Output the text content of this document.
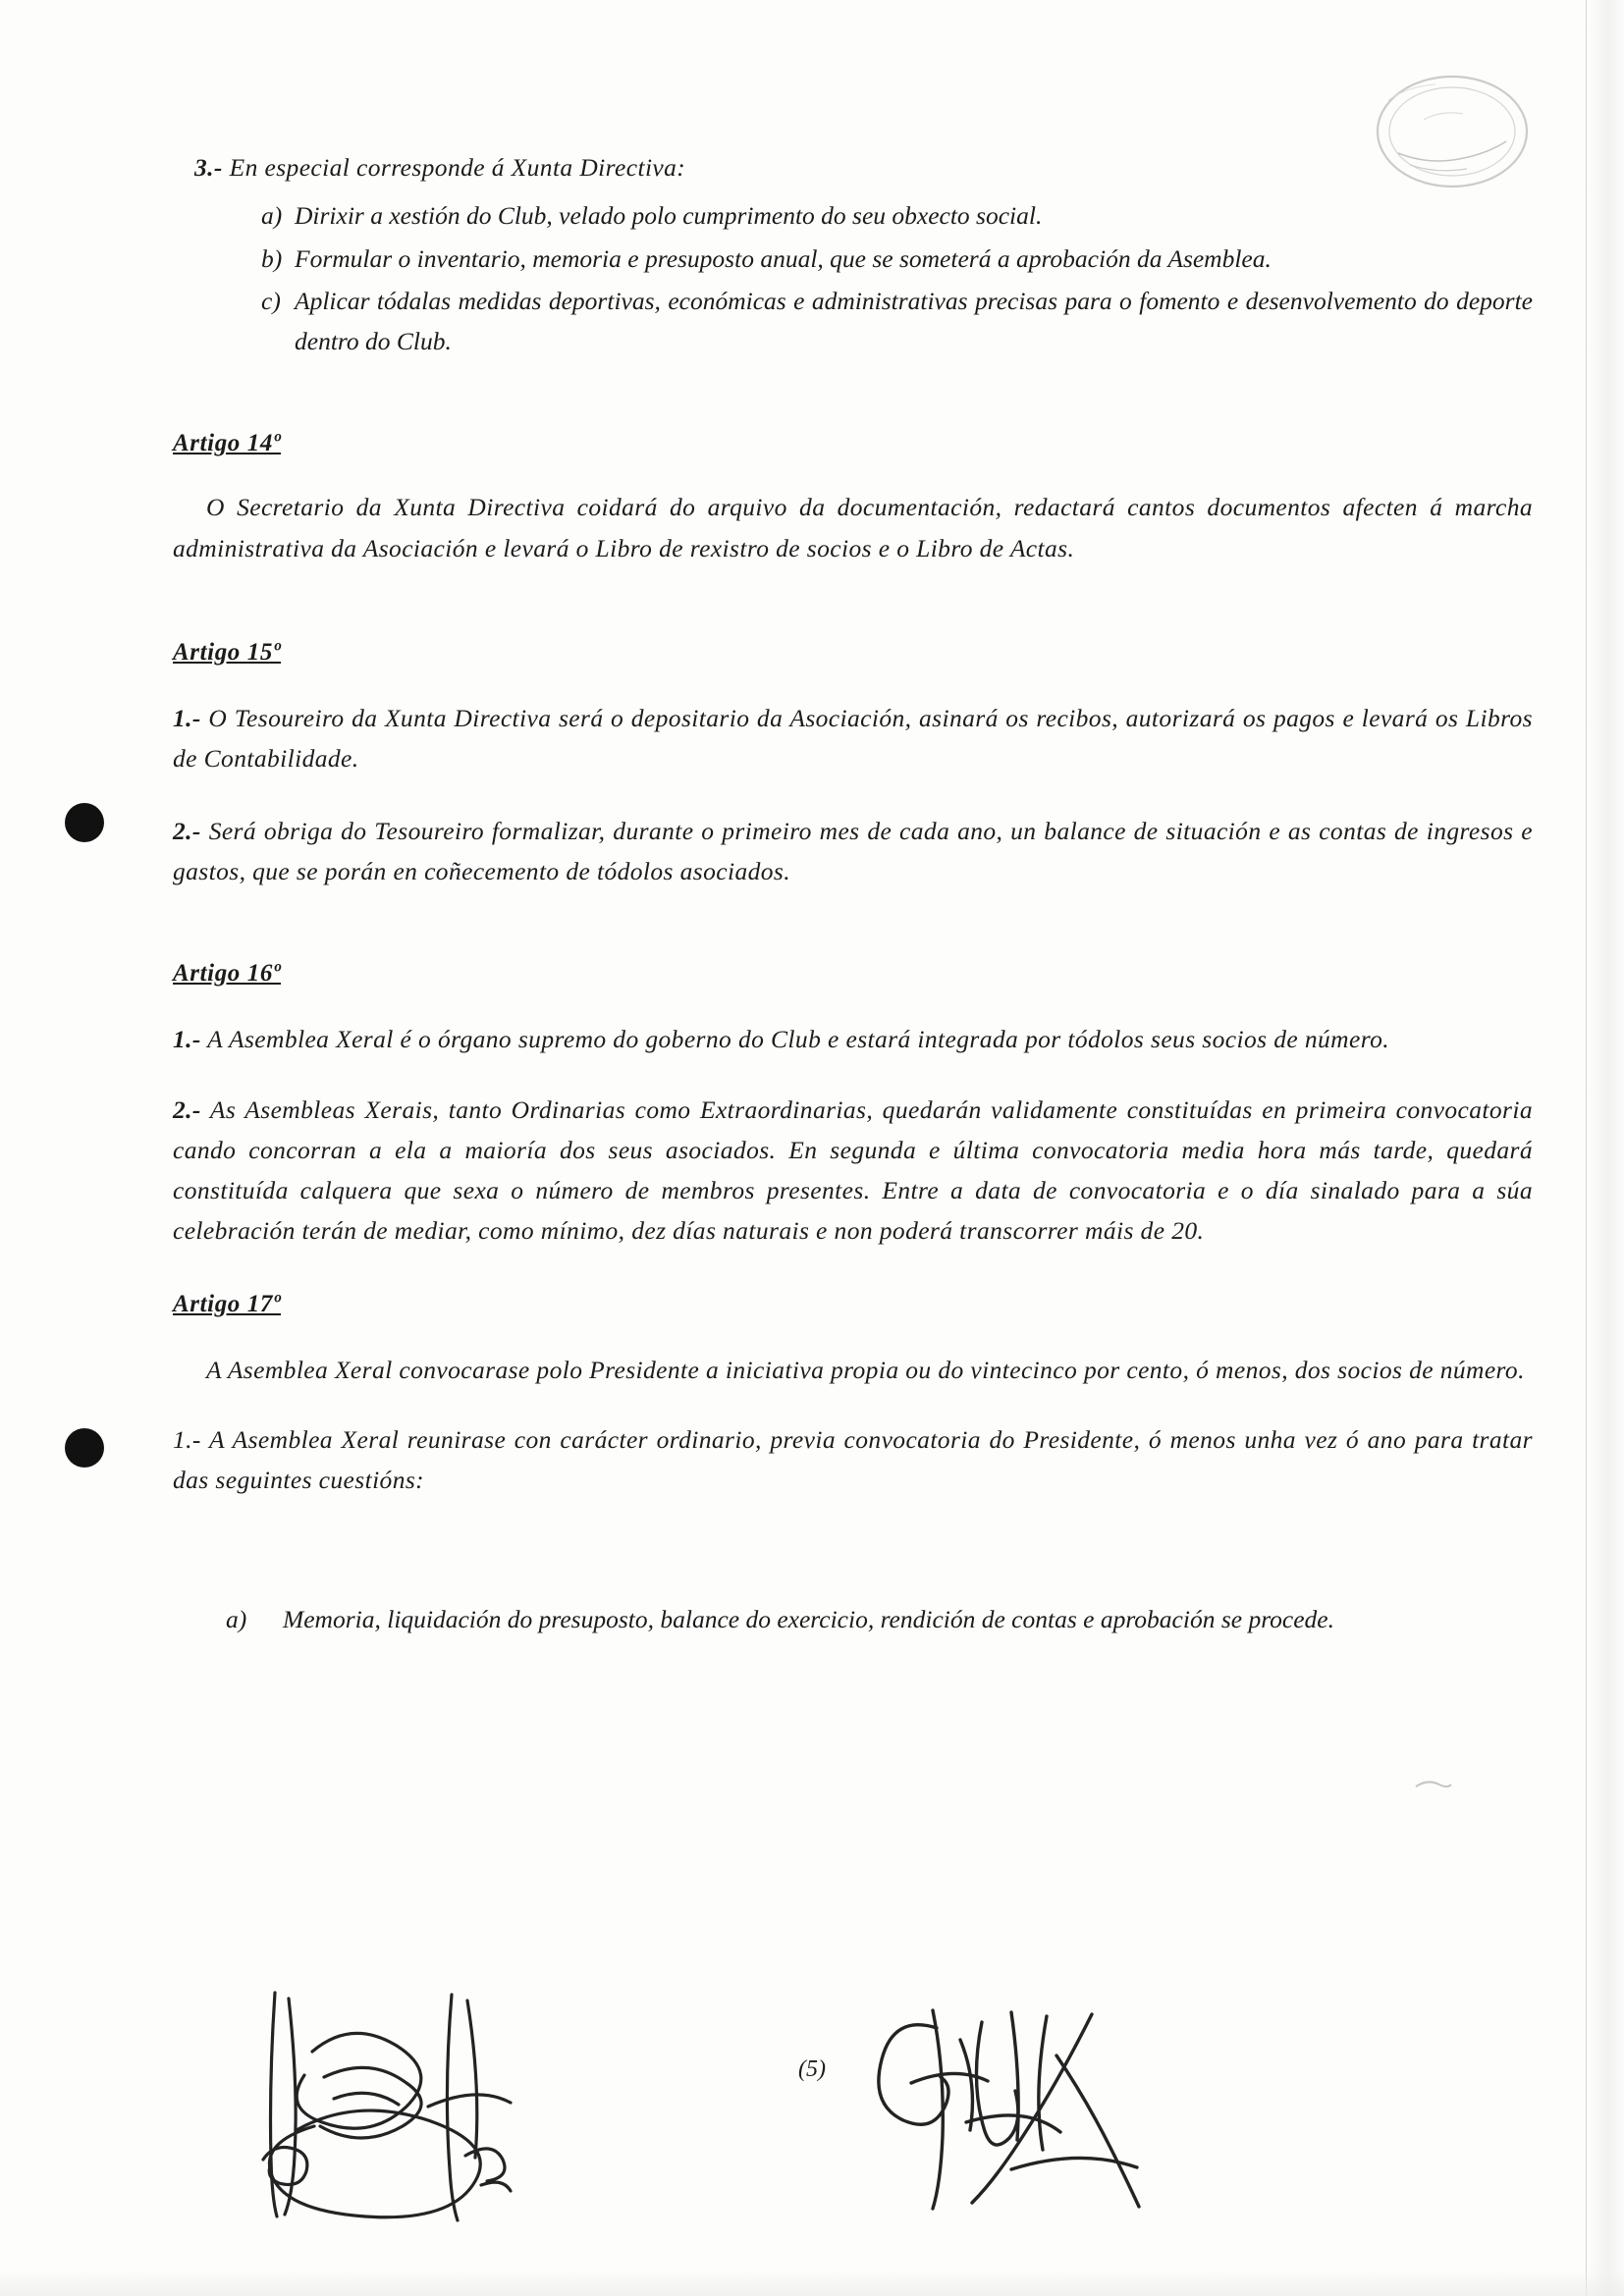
3.- En especial corresponde á Xunta Directiva:

a) Dirixir a xestión do Club, velado polo cumprimento do seu obxecto social.
b) Formular o inventario, memoria e presuposto anual, que se someterá a aprobación da Asemblea.
c) Aplicar tódalas medidas deportivas, económicas e administrativas precisas para o fomento e desenvolvemento do deporte dentro do Club.
Artigo 14º

O Secretario da Xunta Directiva coidará do arquivo da documentación, redactará cantos documentos afecten á marcha administrativa da Asociación e levará o Libro de rexistro de socios e o Libro de Actas.

Artigo 15º

1.- O Tesoureiro da Xunta Directiva será o depositario da Asociación, asinará os recibos, autorizará os pagos e levará os Libros de Contabilidade.

2.- Será obriga do Tesoureiro formalizar, durante o primeiro mes de cada ano, un balance de situación e as contas de ingresos e gastos, que se porán en coñecemento de tódolos asociados.

Artigo 16º

1.- A Asemblea Xeral é o órgano supremo do goberno do Club e estará integrada por tódolos seus socios de número.

2.- As Asembleas Xerais, tanto Ordinarias como Extraordinarias, quedarán validamente constituídas en primeira convocatoria cando concorran a ela a maioría dos seus asociados. En segunda e última convocatoria media hora más tarde, quedará constituída calquera que sexa o número de membros presentes. Entre a data de convocatoria e o día sinalado para a súa celebración terán de mediar, como mínimo, dez días naturais e non poderá transcorrer máis de 20.

Artigo 17º

A Asemblea Xeral convocarase polo Presidente a iniciativa propia ou do vintecinco por cento, ó menos, dos socios de número.

1.- A Asemblea Xeral reunirase con carácter ordinario, previa convocatoria do Presidente, ó menos unha vez ó ano para tratar das seguintes cuestións:

a)	Memoria, liquidación do presuposto, balance do exercicio, rendición de contas e aprobación se procede.
(5)
